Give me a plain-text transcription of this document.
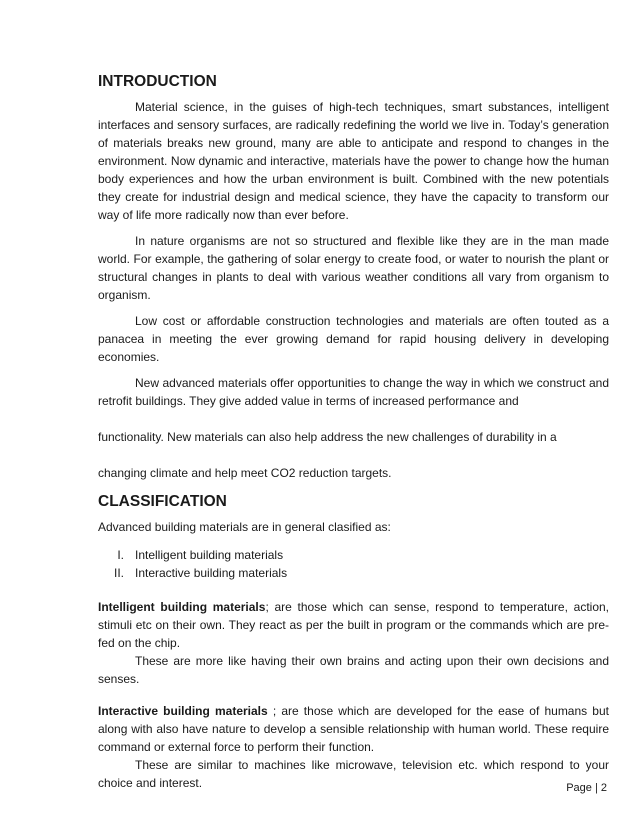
INTRODUCTION

Material science, in the guises of high-tech techniques, smart substances, intelligent interfaces and sensory surfaces, are radically redefining the world we live in. Today’s generation of materials breaks new ground, many are able to anticipate and respond to changes in the environment. Now dynamic and interactive, materials have the power to change how the human body experiences and how the urban environment is built. Combined with the new potentials they create for industrial design and medical science, they have the capacity to transform our way of life more radically now than ever before.

In nature organisms are not so structured and flexible like they are in the man made world. For example, the gathering of solar energy to create food, or water to nourish the plant or structural changes in plants to deal with various weather conditions all vary from organism to organism.

Low cost or affordable construction technologies and materials are often touted as a panacea in meeting the ever growing demand for rapid housing delivery in developing economies.

New advanced materials offer opportunities to change the way in which we construct and retrofit buildings. They give added value in terms of increased performance and

functionality. New materials can also help address the new challenges of durability in a

changing climate and help meet CO2 reduction targets.

CLASSIFICATION

Advanced building materials are in general clasified as:

I. Intelligent building materials
II. Interactive building materials

Intelligent building materials; are those which can sense, respond to temperature, action, stimuli etc on their own. They react as per the built in program or the commands which are pre-fed on the chip.

These are more like having their own brains and acting upon their own decisions and senses.

Interactive building materials ; are those which are developed for the ease of humans but along with also have nature to develop a sensible relationship with human world. These require command or external force to perform their function.

These are similar to machines like microwave, television etc. which respond to your choice and interest.	Page | 2
